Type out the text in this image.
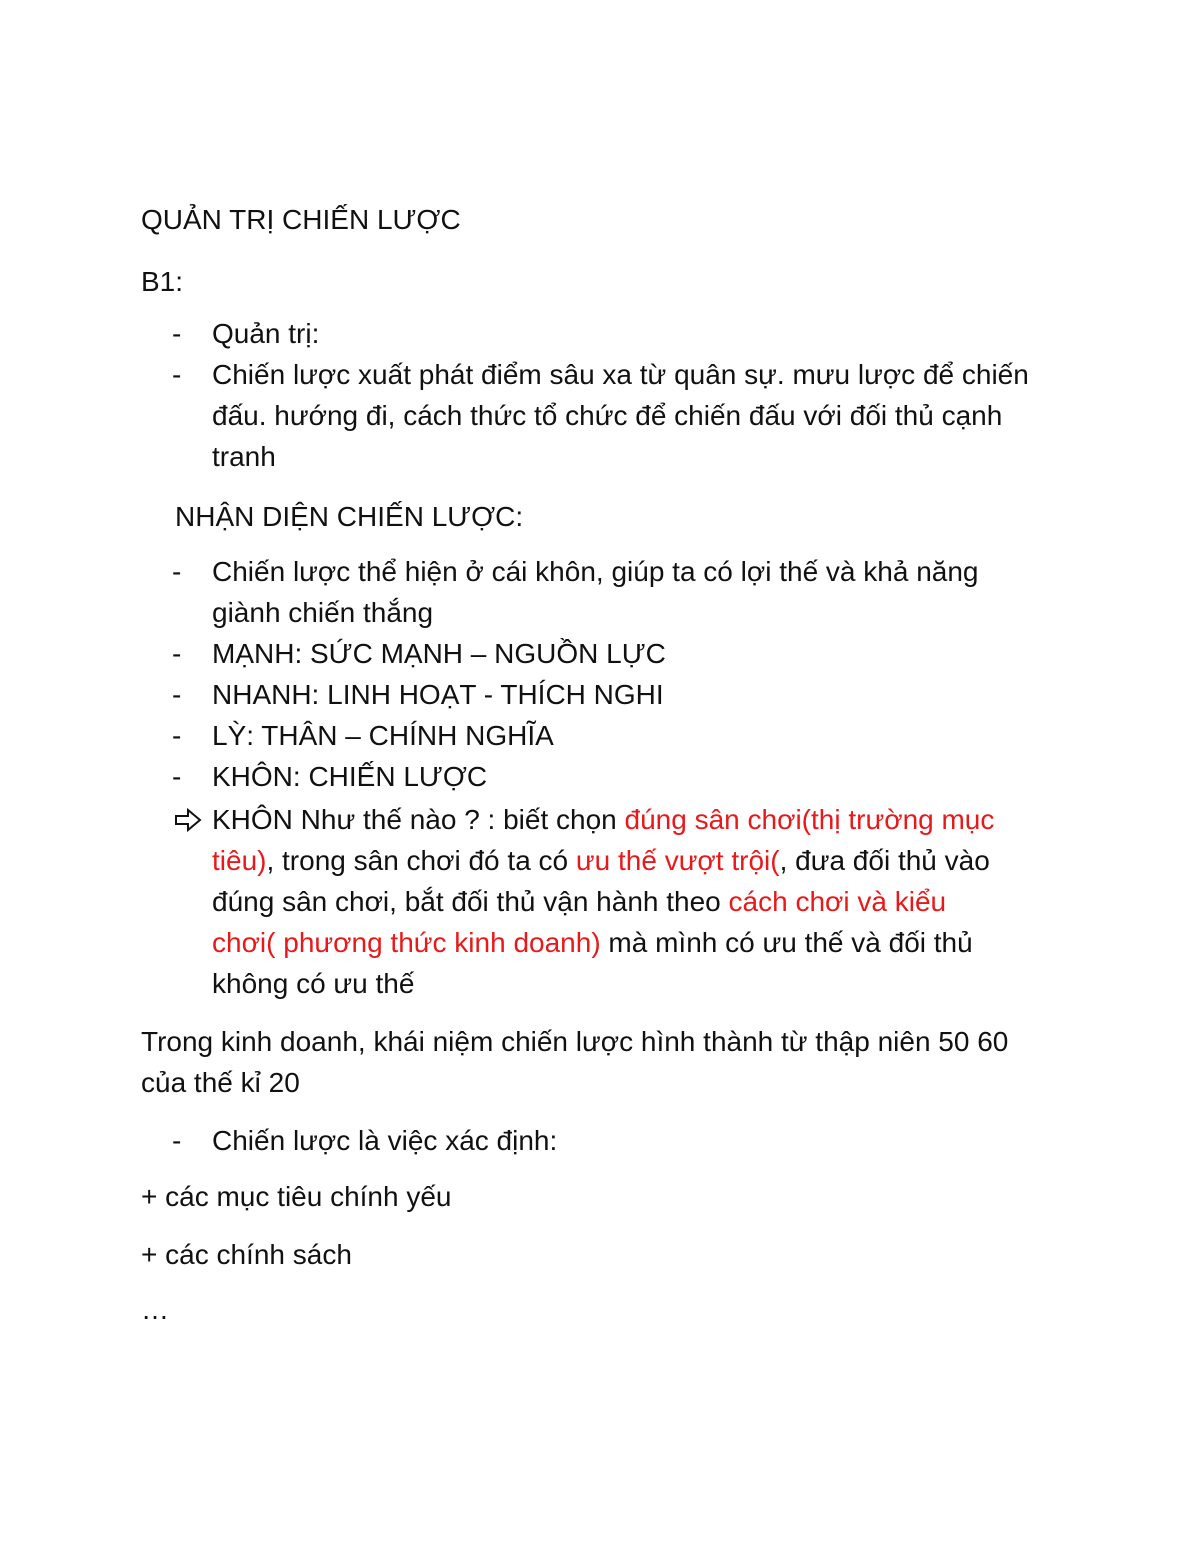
QUẢN TRỊ CHIẾN LƯỢC
B1:
- Quản trị:
- Chiến lược xuất phát điểm sâu xa từ quân sự. mưu lược để chiến
đấu. hướng đi, cách thức tổ chức để chiến đấu với đối thủ cạnh
tranh
NHẬN DIỆN CHIẾN LƯỢC:
- Chiến lược thể hiện ở cái khôn, giúp ta có lợi thế và khả năng
giành chiến thắng
- MẠNH: SỨC MẠNH – NGUỒN LỰC
- NHANH: LINH HOẠT - THÍCH NGHI
- LỲ: THÂN – CHÍNH NGHĨA
- KHÔN: CHIẾN LƯỢC
KHÔN Như thế nào ? : biết chọn đúng sân chơi(thị trường mục
tiêu), trong sân chơi đó ta có ưu thế vượt trội(, đưa đối thủ vào
đúng sân chơi, bắt đối thủ vận hành theo cách chơi và kiểu
chơi( phương thức kinh doanh) mà mình có ưu thế và đối thủ
không có ưu thế
Trong kinh doanh, khái niệm chiến lược hình thành từ thập niên 50 60
của thế kỉ 20
- Chiến lược là việc xác định:
+ các mục tiêu chính yếu
+ các chính sách
…
